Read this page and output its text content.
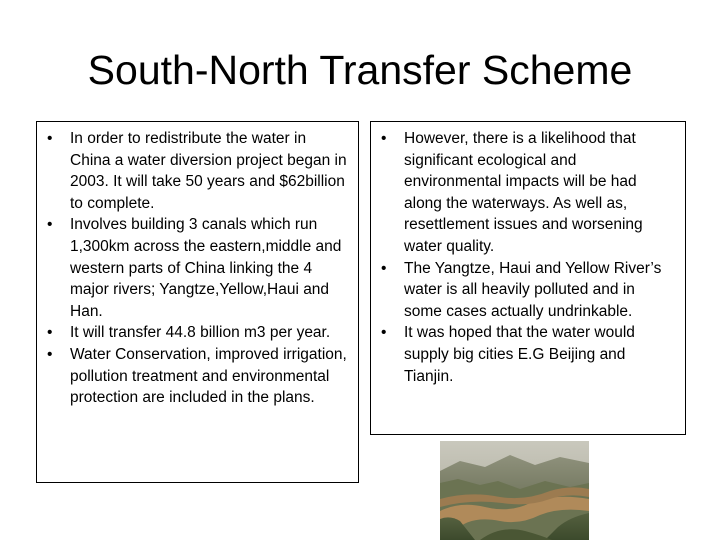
South-North Transfer Scheme
•	In order to redistribute the water in China a water diversion project began in 2003. It will take 50 years and $62billion to complete.
•	Involves building 3 canals which run 1,300km across the eastern,middle and western parts of China linking the 4 major rivers; Yangtze,Yellow,Haui and Han.
•	It will transfer 44.8 billion m3 per year.
•	Water Conservation, improved irrigation, pollution treatment and environmental protection are included in the plans.
•	However, there is a likelihood that significant ecological and environmental impacts will be had along the waterways. As well as, resettlement issues and worsening water quality.
•	The Yangtze, Haui and Yellow River’s water is all heavily polluted and in some cases actually undrinkable.
•	It was hoped that the water would supply big cities E.G Beijing and Tianjin.
